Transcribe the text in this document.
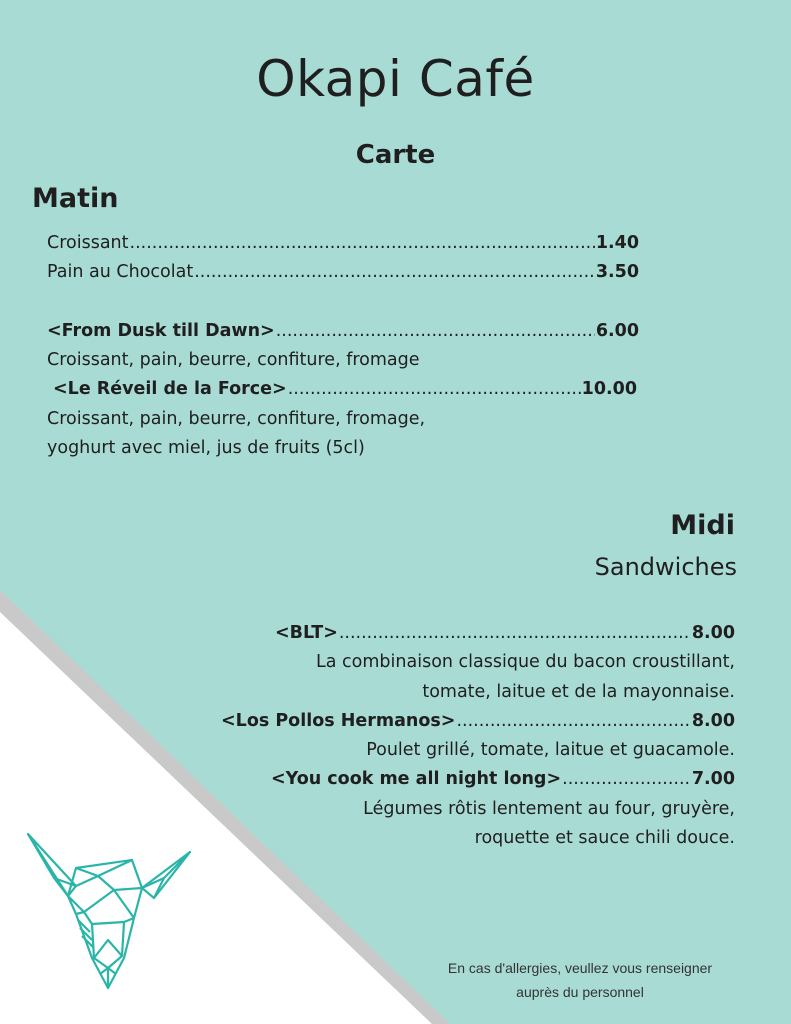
Okapi Café
Carte
Matin
Croissant .....	1.40
Pain au Chocolat .....	3.50
<From Dusk till Dawn> .....	6.00
Croissant, pain, beurre, confiture, fromage
<Le Réveil de la Force> .....	10.00
Croissant, pain, beurre, confiture, fromage,
yoghurt avec miel, jus de fruits (5cl)
Midi
Sandwiches
<BLT> .....	8.00
La combinaison classique du bacon croustillant,
tomate, laitue et de la mayonnaise.
<Los Pollos Hermanos> .....	8.00
Poulet grillé, tomate, laitue et guacamole.
<You cook me all night long> .....	7.00
Légumes rôtis lentement au four, gruyère,
roquette et sauce chili douce.
En cas d'allergies, veullez vous renseigner
auprès du personnel
